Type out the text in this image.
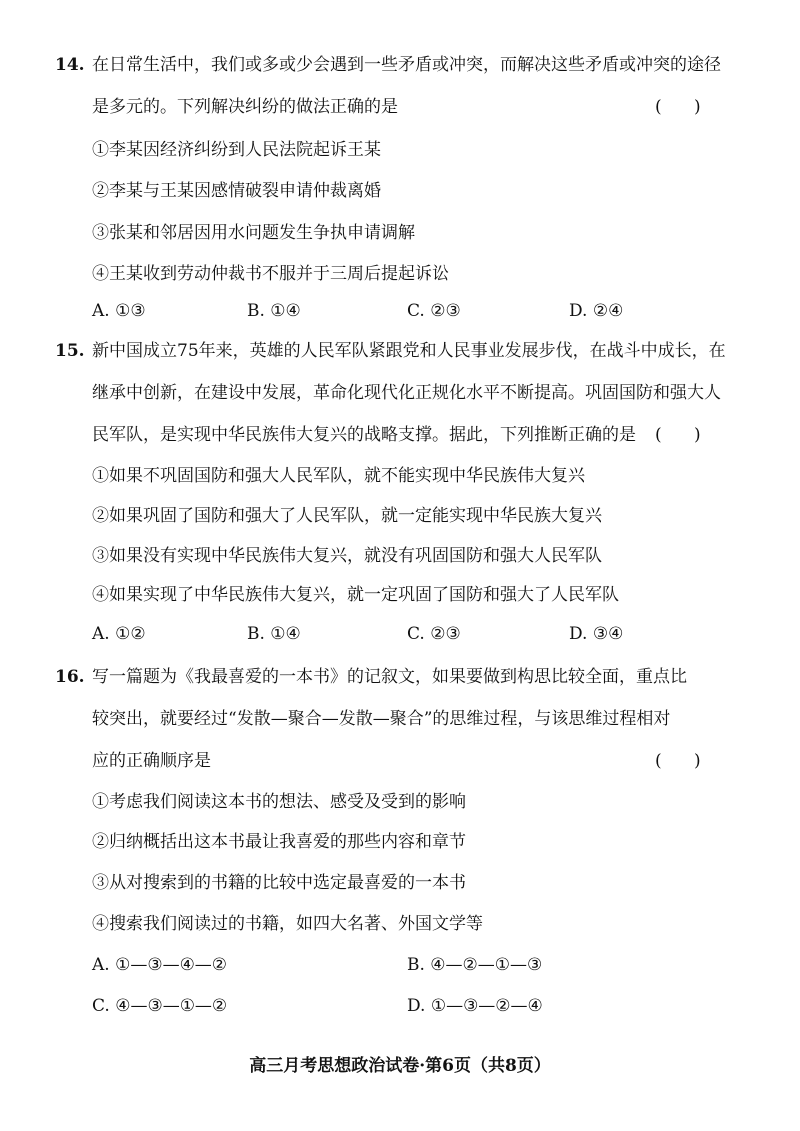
14. 在日常生活中，我们或多或少会遇到一些矛盾或冲突，而解决这些矛盾或冲突的途径
是多元的。下列解决纠纷的做法正确的是	(      )
①李某因经济纠纷到人民法院起诉王某
②李某与王某因感情破裂申请仲裁离婚
③张某和邻居因用水问题发生争执申请调解
④王某收到劳动仲裁书不服并于三周后提起诉讼
A. ①③	B. ①④	C. ②③	D. ②④
15. 新中国成立75年来，英雄的人民军队紧跟党和人民事业发展步伐，在战斗中成长，在
继承中创新，在建设中发展，革命化现代化正规化水平不断提高。巩固国防和强大人
民军队，是实现中华民族伟大复兴的战略支撑。据此，下列推断正确的是 (      )
①如果不巩固国防和强大人民军队，就不能实现中华民族伟大复兴
②如果巩固了国防和强大了人民军队，就一定能实现中华民族大复兴
③如果没有实现中华民族伟大复兴，就没有巩固国防和强大人民军队
④如果实现了中华民族伟大复兴，就一定巩固了国防和强大了人民军队
A. ①②	B. ①④	C. ②③	D. ③④
16. 写一篇题为《我最喜爱的一本书》的记叙文，如果要做到构思比较全面，重点比
较突出，就要经过“发散—聚合—发散—聚合”的思维过程，与该思维过程相对
应的正确顺序是	(      )
①考虑我们阅读这本书的想法、感受及受到的影响
②归纳概括出这本书最让我喜爱的那些内容和章节
③从对搜索到的书籍的比较中选定最喜爱的一本书
④搜索我们阅读过的书籍，如四大名著、外国文学等
A. ①—③—④—②	B. ④—②—①—③
C. ④—③—①—②	D. ①—③—②—④
高三月考思想政治试卷·第6页（共8页）
